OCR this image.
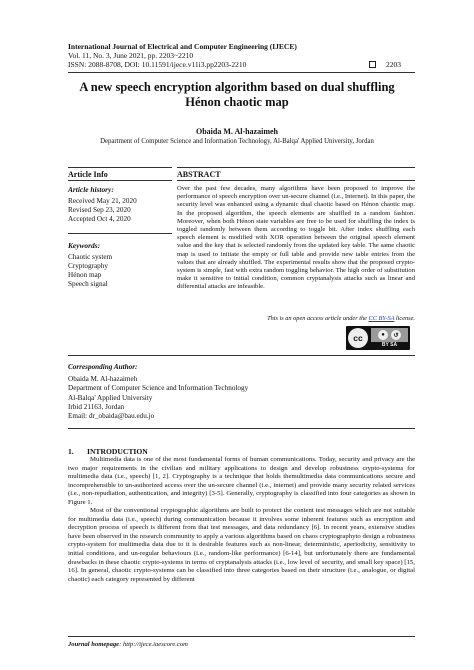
International Journal of Electrical and Computer Engineering (IJECE)
Vol. 11, No. 3, June 2021, pp. 2203~2210
ISSN: 2088-8708, DOI: 10.11591/ijece.v11i3.pp2203-2210	2203
A new speech encryption algorithm based on dual shuffling
Hénon chaotic map
Obaida M. Al-hazaimeh
Department of Computer Science and Information Technology, Al-Balqa' Applied University, Jordan
Article Info	ABSTRACT
Article history:
Received May 21, 2020
Revised Sep 23, 2020
Accepted Oct 4, 2020
Keywords:
Chaotic system
Cryptography
Hénon map
Speech signal
Over the past few decades, many algorithms have been proposed to improve the performance of speech encryption over un-secure channel (i.e., Internet). In this paper, the security level was enhanced using a dynamic dual chaotic based on Hénon chaotic map. In the proposed algorithm, the speech elements are shuffled in a random fashion. Moreover, when both Hénon state variables are free to be used for shuffling the index is toggled randomly between them according to toggle bit. After index shuffling each speech element is modified with XOR operation between the original speech element value and the key that is selected randomly from the updated key table. The same chaotic map is used to initiate the empty or full table and provide new table entries from the values that are already shuffled. The experimental results show that the proposed crypto-system is simple, fast with extra random toggling behavior. The high order of substitution make it sensitive to initial condition, common cryptanalysis attacks such as linear and differential attacks are infeasible.
This is an open access article under the CC BY-SA license.
cc	●	↺
BY SA
Corresponding Author:
Obaida M. Al-hazaimeh
Department of Computer Science and Information Technology
Al-Balqa' Applied University
Irbid 21163, Jordan
Email: dr_obaida@bau.edu.jo
1.       INTRODUCTION

Multimedia data is one of the most fundamental forms of human communications. Today, security and privacy are the two major requirements in the civilian and military applications to design and develop robustness crypto-systems for multimedia data (i.e., speech) [1, 2]. Cryptography is a technique that holds themultimedia data communications secure and incomprehensible to un-authorized access over the un-secure channel (i.e., internet) and provide many security related services (i.e., non-repudiation, authentication, and integrity) [3-5]. Generally, cryptography is classified into four categories as shown in Figure 1.

Most of the conventional cryptographic algorithms are built to protect the content test messages which are not suitable for multimedia data (i.e., speech) during communication because it involves some inherent features such as encryption and decryption process of speech is different from that test messages, and data redundancy [6]. In recent years, extensive studies have been observed in the research community to apply a various algorithms based on chaos cryptographyto design a robustness crypto-system for multimedia data due to it is desirable features such as non-linear, deterministic, aperiodicity, sensitivity to initial conditions, and un-regular behaviours (i.e., random-like performance) [6-14], but unfortunately there are fundamental drawbacks in these chaotic crypto-systems in terms of cryptanalysis attacks (i.e., low level of security, and small key space) [15, 16]. In general, chaotic crypto-systems can be classified into three categories based on their structure (i.e., analogue, or digital chaotic) each category represented by different

Journal homepage: http://ijece.iaescore.com
